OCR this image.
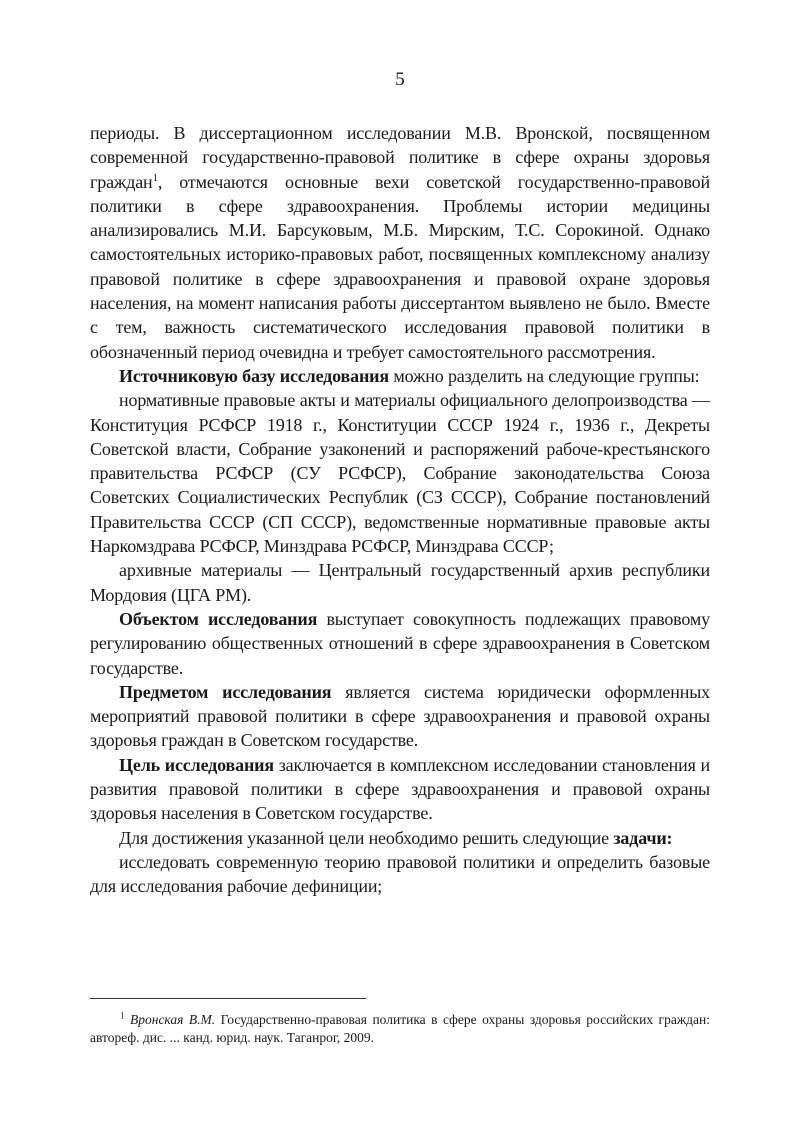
5

периоды. В диссертационном исследовании М.В. Вронской, посвященном современной государственно-правовой политике в сфере охраны здоровья граждан$^1$, отмечаются основные вехи советской государственно-правовой политики в сфере здравоохранения. Проблемы истории медицины анализировались М.И. Барсуковым, М.Б. Мирским, Т.С. Сорокиной. Однако самостоятельных историко-правовых работ, посвященных комплексному анализу правовой политике в сфере здравоохранения и правовой охране здоровья населения, на момент написания работы диссертантом выявлено не было. Вместе с тем, важность систематического исследования правовой политики в обозначенный период очевидна и требует самостоятельного рассмотрения.

Источниковую базу исследования можно разделить на следующие группы:

нормативные правовые акты и материалы официального делопроизводства — Конституция РСФСР 1918 г., Конституции СССР 1924 г., 1936 г., Декреты Советской власти, Собрание узаконений и распоряжений рабоче-крестьянского правительства РСФСР (СУ РСФСР), Собрание законодательства Союза Советских Социалистических Республик (СЗ СССР), Собрание постановлений Правительства СССР (СП СССР), ведомственные нормативные правовые акты Наркомздрава РСФСР, Минздрава РСФСР, Минздрава СССР;

архивные материалы — Центральный государственный архив республики Мордовия (ЦГА РМ).

Объектом исследования выступает совокупность подлежащих правовому регулированию общественных отношений в сфере здравоохранения в Советском государстве.

Предметом исследования является система юридически оформленных мероприятий правовой политики в сфере здравоохранения и правовой охраны здоровья граждан в Советском государстве.

Цель исследования заключается в комплексном исследовании становления и развития правовой политики в сфере здравоохранения и правовой охраны здоровья населения в Советском государстве.

Для достижения указанной цели необходимо решить следующие задачи:

исследовать современную теорию правовой политики и определить базовые для исследования рабочие дефиниции;

$^1$ Вронская В.М. Государственно-правовая политика в сфере охраны здоровья российских граждан: автореф. дис. ... канд. юрид. наук. Таганрог, 2009.
